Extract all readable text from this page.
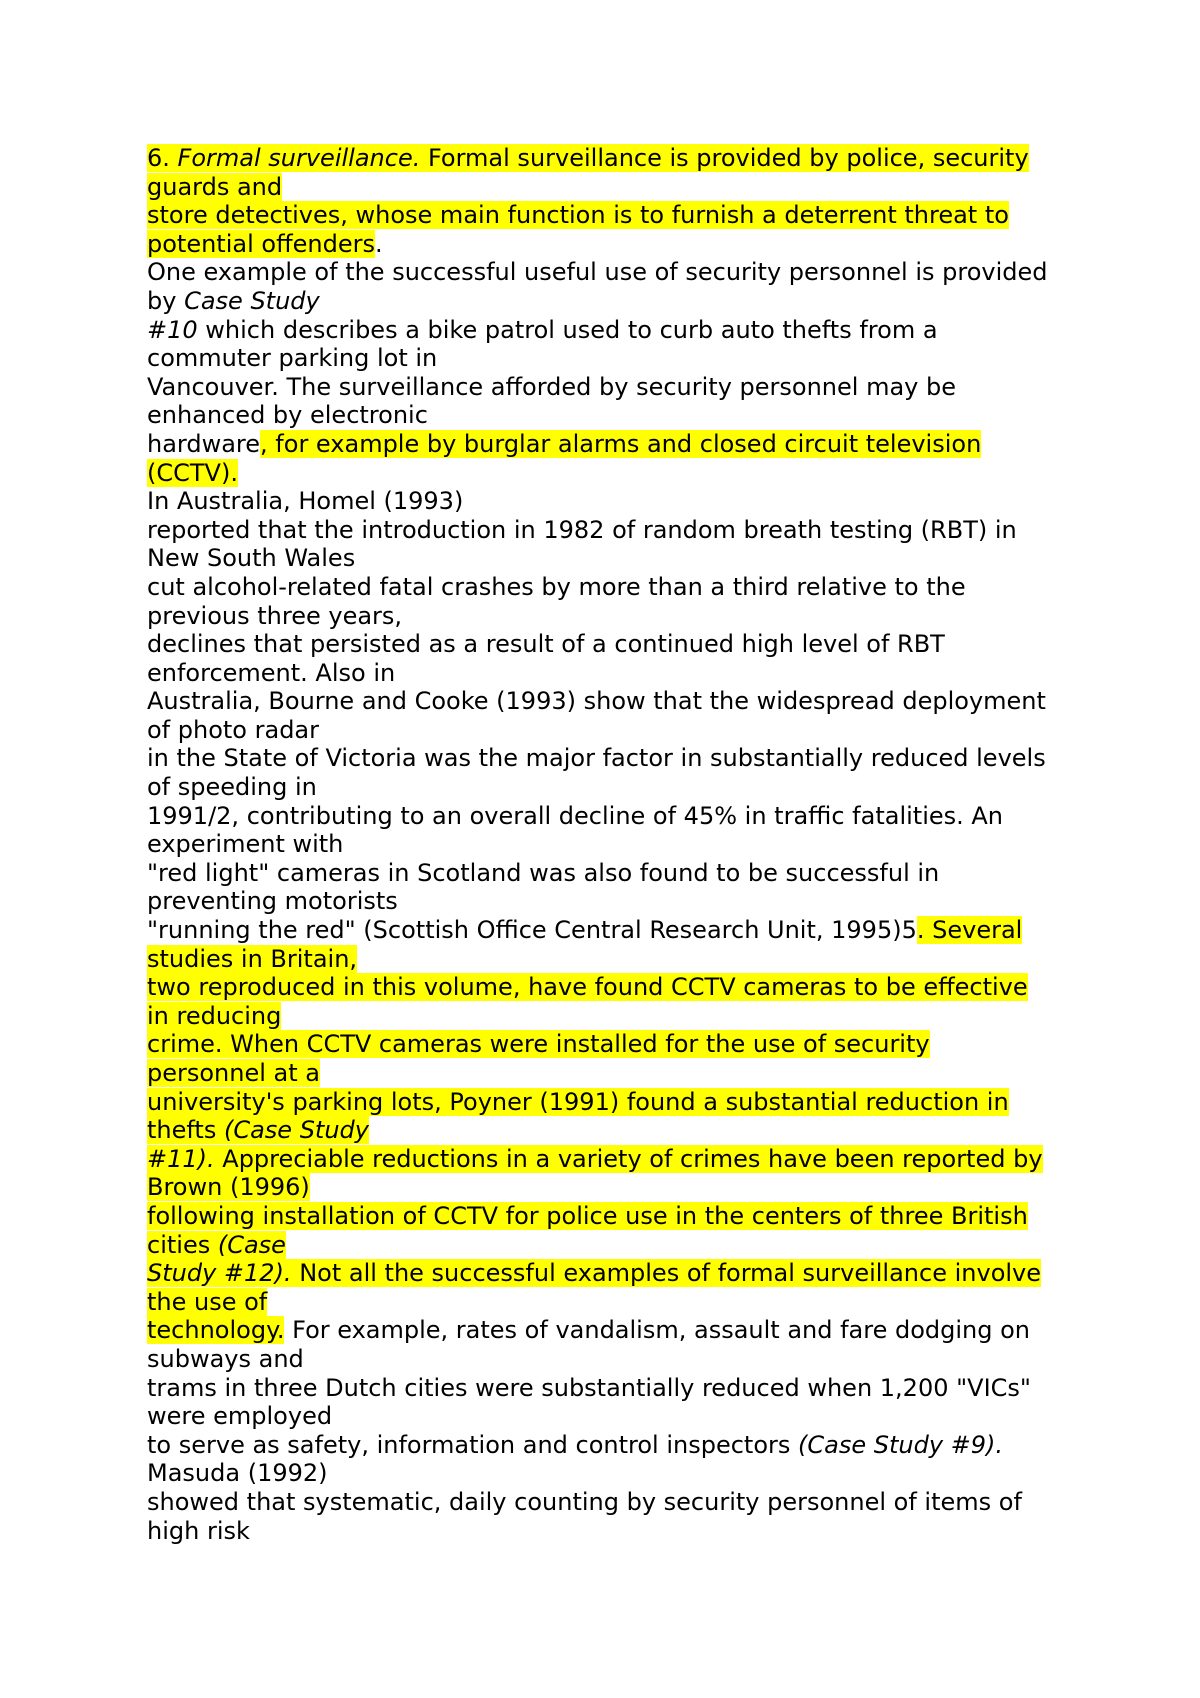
6. Formal surveillance. Formal surveillance is provided by police, security
guards and
store detectives, whose main function is to furnish a deterrent threat to
potential offenders.
One example of the successful useful use of security personnel is provided
by Case Study
#10 which describes a bike patrol used to curb auto thefts from a
commuter parking lot in
Vancouver. The surveillance afforded by security personnel may be
enhanced by electronic
hardware, for example by burglar alarms and closed circuit television
(CCTV).
In Australia, Homel (1993)
reported that the introduction in 1982 of random breath testing (RBT) in
New South Wales
cut alcohol-related fatal crashes by more than a third relative to the
previous three years,
declines that persisted as a result of a continued high level of RBT
enforcement. Also in
Australia, Bourne and Cooke (1993) show that the widespread deployment
of photo radar
in the State of Victoria was the major factor in substantially reduced levels
of speeding in
1991/2, contributing to an overall decline of 45% in traffic fatalities. An
experiment with
"red light" cameras in Scotland was also found to be successful in
preventing motorists
"running the red" (Scottish Office Central Research Unit, 1995)5. Several
studies in Britain,
two reproduced in this volume, have found CCTV cameras to be effective
in reducing
crime. When CCTV cameras were installed for the use of security
personnel at a
university's parking lots, Poyner (1991) found a substantial reduction in
thefts (Case Study
#11). Appreciable reductions in a variety of crimes have been reported by
Brown (1996)
following installation of CCTV for police use in the centers of three British
cities (Case
Study #12). Not all the successful examples of formal surveillance involve
the use of
technology. For example, rates of vandalism, assault and fare dodging on
subways and
trams in three Dutch cities were substantially reduced when 1,200 "VICs"
were employed
to serve as safety, information and control inspectors (Case Study #9).
Masuda (1992)
showed that systematic, daily counting by security personnel of items of
high risk
